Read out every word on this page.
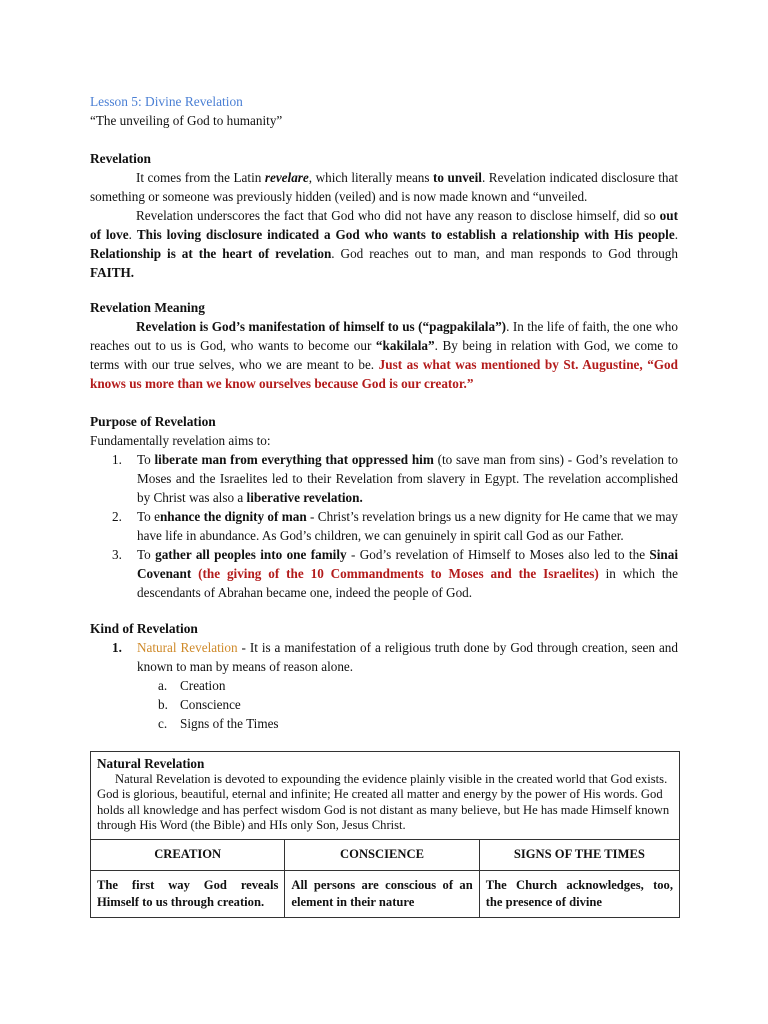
Lesson 5: Divine Revelation
“The unveiling of God to humanity”
Revelation

It comes from the Latin revelare, which literally means to unveil. Revelation indicated disclosure that something or someone was previously hidden (veiled) and is now made known and “unveiled.

Revelation underscores the fact that God who did not have any reason to disclose himself, did so out of love. This loving disclosure indicated a God who wants to establish a relationship with His people. Relationship is at the heart of revelation. God reaches out to man, and man responds to God through FAITH.

Revelation Meaning

Revelation is God’s manifestation of himself to us (“pagpakilala”). In the life of faith, the one who reaches out to us is God, who wants to become our “kakilala”. By being in relation with God, we come to terms with our true selves, who we are meant to be. Just as what was mentioned by St. Augustine, “God knows us more than we know ourselves because God is our creator.”

Purpose of Revelation
Fundamentally revelation aims to:
1. To liberate man from everything that oppressed him (to save man from sins) - God’s revelation to Moses and the Israelites led to their Revelation from slavery in Egypt. The revelation accomplished by Christ was also a liberative revelation.
2. To enhance the dignity of man - Christ’s revelation brings us a new dignity for He came that we may have life in abundance. As God’s children, we can genuinely in spirit call God as our Father.
3. To gather all peoples into one family - God’s revelation of Himself to Moses also led to the Sinai Covenant (the giving of the 10 Commandments to Moses and the Israelites) in which the descendants of Abrahan became one, indeed the people of God.
Kind of Revelation
1. Natural Revelation - It is a manifestation of a religious truth done by God through creation, seen and known to man by means of reason alone.
a. Creation
b. Conscience
c. Signs of the Times
Natural Revelation

Natural Revelation is devoted to expounding the evidence plainly visible in the created world that God exists. God is glorious, beautiful, eternal and infinite; He created all matter and energy by the power of His words. God holds all knowledge and has perfect wisdom God is not distant as many believe, but He has made Himself known through His Word (the Bible) and HIs only Son, Jesus Christ.		

CREATION	CONSCIENCE	SIGNS OF THE TIMES
The first way God reveals Himself to us through creation.	All persons are conscious of an element in their nature	The Church acknowledges, too, the presence of divine
